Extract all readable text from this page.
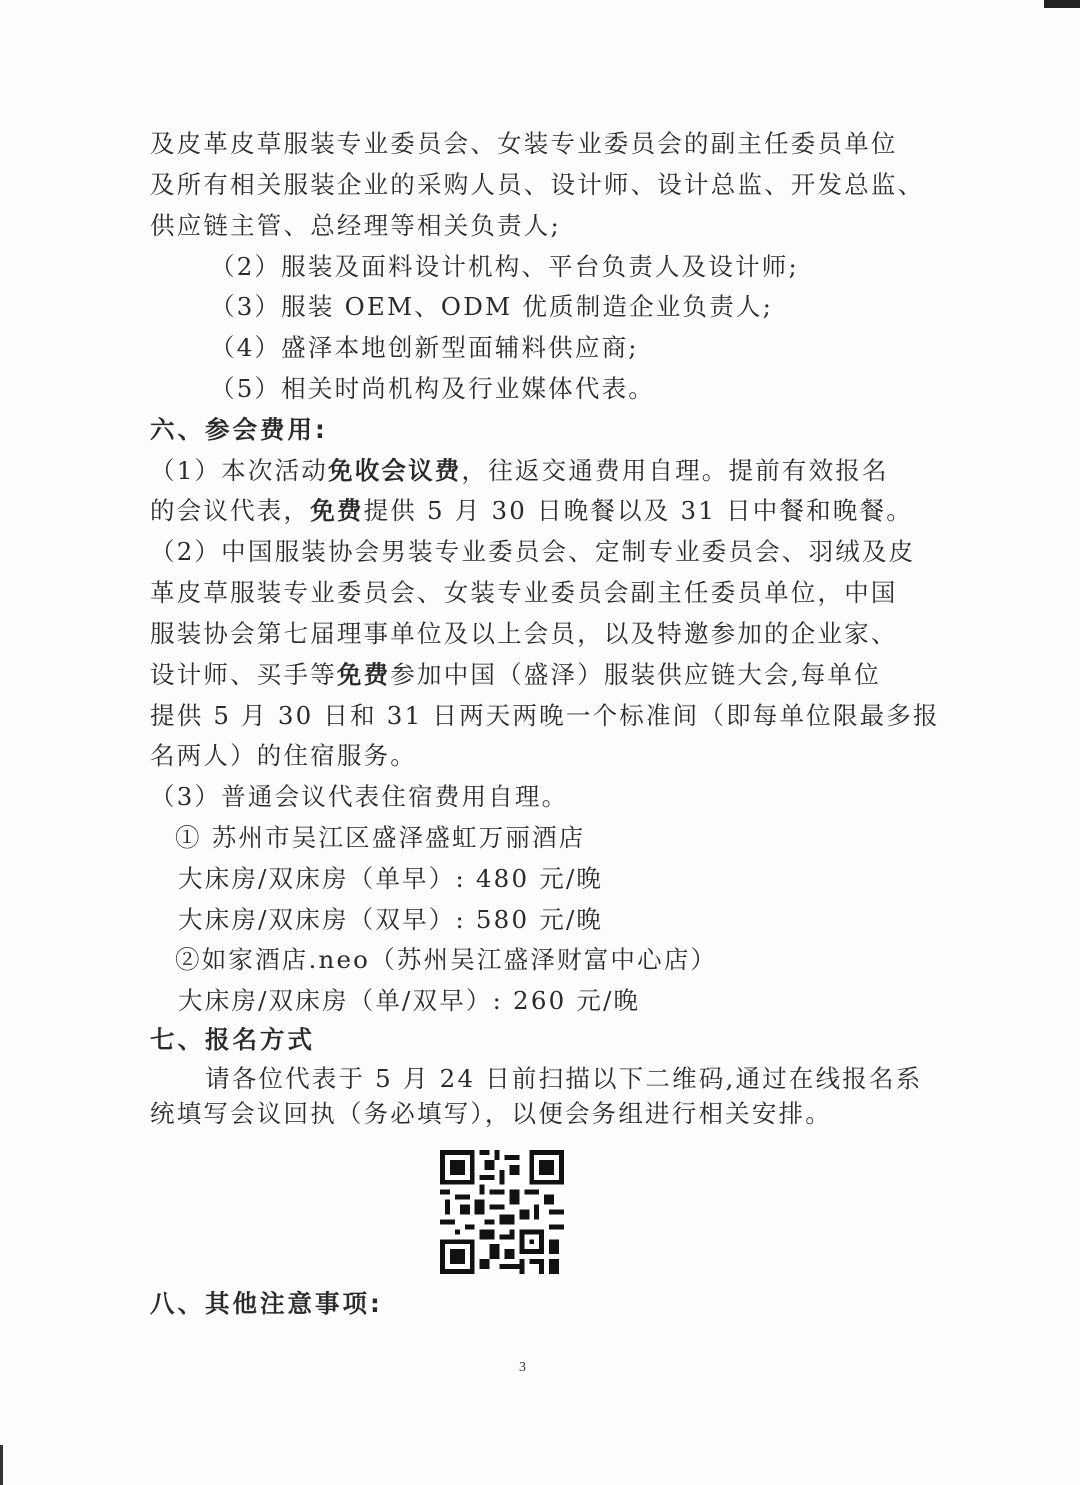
及皮革皮草服装专业委员会、女装专业委员会的副主任委员单位
及所有相关服装企业的采购人员、设计师、设计总监、开发总监、
供应链主管、总经理等相关负责人;
（2）服装及面料设计机构、平台负责人及设计师;
（3）服装 OEM、ODM 优质制造企业负责人;
（4）盛泽本地创新型面辅料供应商;
（5）相关时尚机构及行业媒体代表。
六、参会费用:
（1）本次活动免收会议费，往返交通费用自理。提前有效报名
的会议代表，免费提供 5 月 30 日晚餐以及 31 日中餐和晚餐。
（2）中国服装协会男装专业委员会、定制专业委员会、羽绒及皮
革皮草服装专业委员会、女装专业委员会副主任委员单位，中国
服装协会第七届理事单位及以上会员，以及特邀参加的企业家、
设计师、买手等免费参加中国（盛泽）服装供应链大会,每单位
提供 5 月 30 日和 31 日两天两晚一个标准间（即每单位限最多报
名两人）的住宿服务。
（3）普通会议代表住宿费用自理。
① 苏州市吴江区盛泽盛虹万丽酒店
大床房/双床房（单早）: 480 元/晚
大床房/双床房（双早）: 580 元/晚
②如家酒店.neo（苏州吴江盛泽财富中心店）
大床房/双床房（单/双早）: 260 元/晚
七、报名方式
请各位代表于 5 月 24 日前扫描以下二维码,通过在线报名系
统填写会议回执（务必填写），以便会务组进行相关安排。
八、其他注意事项:
3
